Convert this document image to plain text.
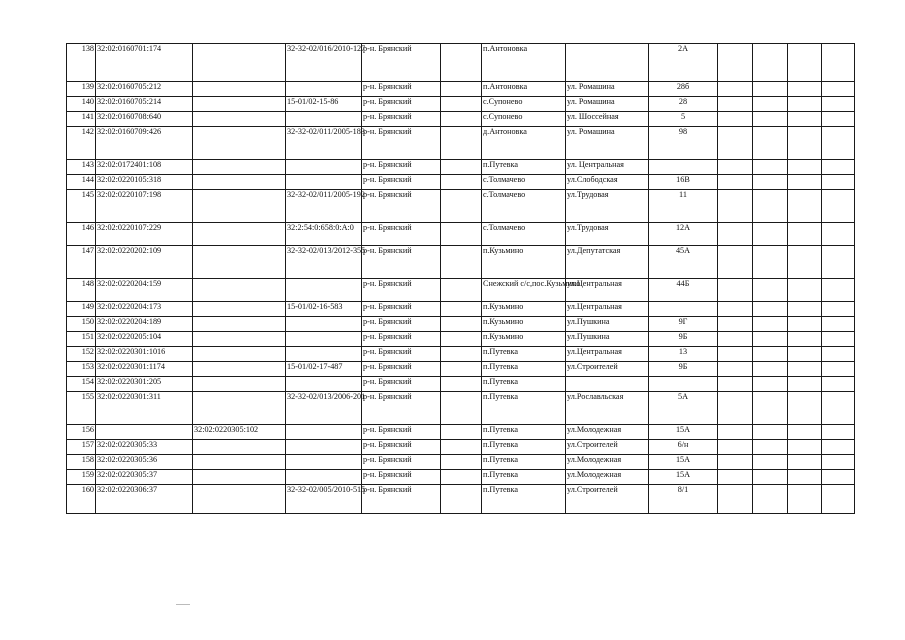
138	32:02:0160701:174		32-32-02/016/2010-127	р-н. Брянский		п.Антоновка		2А				
139	32:02:0160705:212			р-н. Брянский		п.Антоновка	ул. Ромашина	28б				
140	32:02:0160705:214		15-01/02-15-86	р-н. Брянский		с.Супонево	ул. Ромашина	28				
141	32:02:0160708:640			р-н. Брянский		с.Супонево	ул. Шоссейная	5				
142	32:02:0160709:426		32-32-02/011/2005-183	р-н. Брянский		д.Антоновка	ул. Ромашина	98				
143	32:02:0172401:108			р-н. Брянский		п.Путевка	ул. Центральная					
144	32:02:0220105:318			р-н. Брянский		с.Толмачево	ул.Слободская	16В				
145	32:02:0220107:198		32-32-02/011/2005-192	р-н. Брянский		с.Толмачево	ул.Трудовая	11				
146	32:02:0220107:229		32:2:54:0:658:0:А:0	р-н. Брянский		с.Толмачево	ул.Трудовая	12А				
147	32:02:0220202:109		32-32-02/013/2012-355	р-н. Брянский		п.Кузьмино	ул.Депутатская	45А				
148	32:02:0220204:159			р-н. Брянский		Снежский с/с,пос.Кузьмино	ул.Центральная	44Б				
149	32:02:0220204:173		15-01/02-16-583	р-н. Брянский		п.Кузьмино	ул.Центральная					
150	32:02:0220204:189			р-н. Брянский		п.Кузьмино	ул.Пушкина	9Г				
151	32:02:0220205:104			р-н. Брянский		п.Кузьмино	ул.Пушкина	9Б				
152	32:02:0220301:1016			р-н. Брянский		п.Путевка	ул.Центральная	13				
153	32:02:0220301:1174		15-01/02-17-487	р-н. Брянский		п.Путевка	ул.Строителей	9Б				
154	32:02:0220301:205			р-н. Брянский		п.Путевка						
155	32:02:0220301:311		32-32-02/013/2006-201	р-н. Брянский		п.Путевка	ул.Рославльская	5А				
156		32:02:0220305:102		р-н. Брянский		п.Путевка	ул.Молодежная	15А				
157	32:02:0220305:33			р-н. Брянский		п.Путевка	ул.Строителей	6/н				
158	32:02:0220305:36			р-н. Брянский		п.Путевка	ул.Молодежная	15А				
159	32:02:0220305:37			р-н. Брянский		п.Путевка	ул.Молодежная	15А				
160	32:02:0220306:37		32-32-02/005/2010-515	р-н. Брянский		п.Путевка	ул.Строителей	8/1				
